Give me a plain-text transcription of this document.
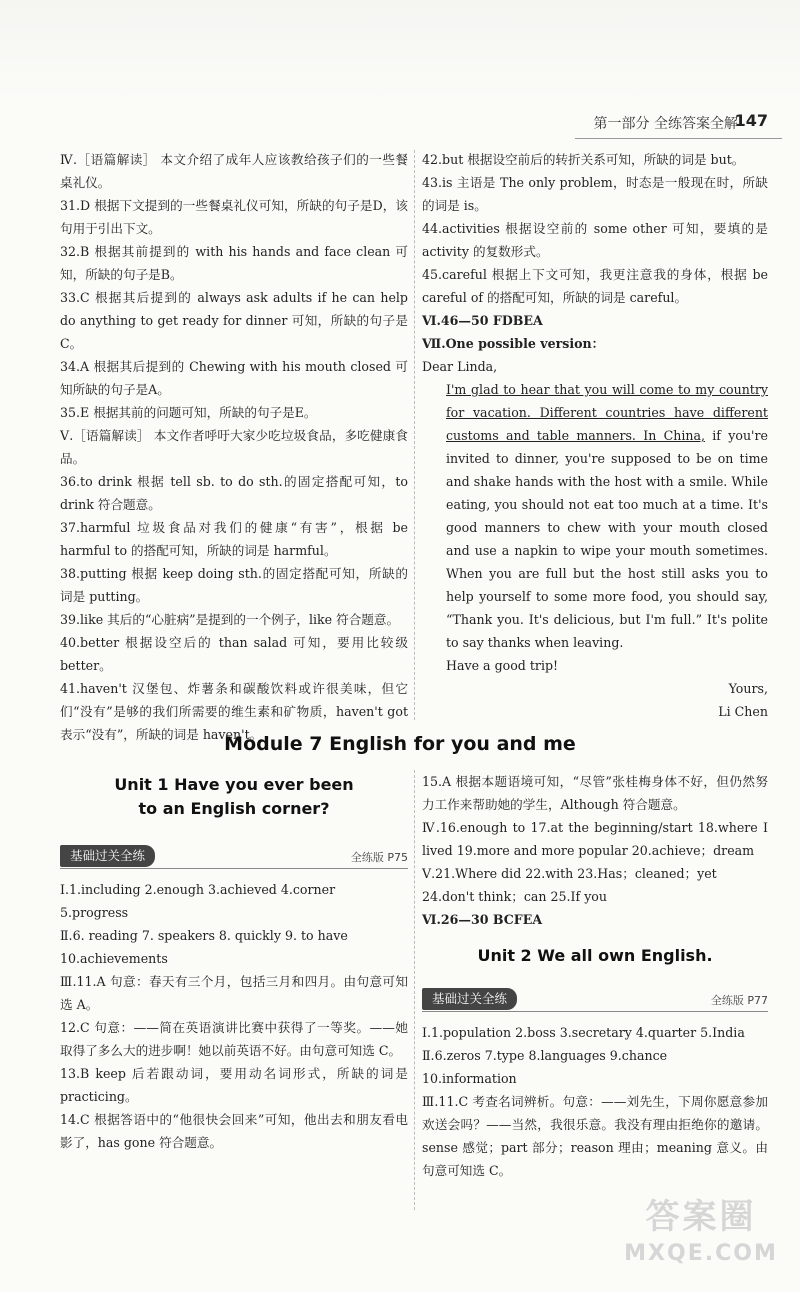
第一部分 全练答案全解
147

Ⅳ.［语篇解读］ 本文介绍了成年人应该教给孩子们的一些餐桌礼仪。

31.D 根据下文提到的一些餐桌礼仪可知，所缺的句子是D，该句用于引出下文。

32.B 根据其前提到的 with his hands and face clean 可知，所缺的句子是B。

33.C 根据其后提到的 always ask adults if he can help do anything to get ready for dinner 可知，所缺的句子是C。

34.A 根据其后提到的 Chewing with his mouth closed 可知所缺的句子是A。

35.E 根据其前的问题可知，所缺的句子是E。

Ⅴ.［语篇解读］ 本文作者呼吁大家少吃垃圾食品，多吃健康食品。

36.to drink 根据 tell sb. to do sth.的固定搭配可知，to drink 符合题意。

37.harmful 垃圾食品对我们的健康“有害”，根据 be harmful to 的搭配可知，所缺的词是 harmful。

38.putting 根据 keep doing sth.的固定搭配可知，所缺的词是 putting。

39.like 其后的“心脏病”是提到的一个例子，like 符合题意。

40.better 根据设空后的 than salad 可知，要用比较级 better。

41.haven't 汉堡包、炸薯条和碳酸饮料或许很美味，但它们“没有”是够的我们所需要的维生素和矿物质，haven't got 表示“没有”，所缺的词是 haven't。

42.but 根据设空前后的转折关系可知，所缺的词是 but。

43.is 主语是 The only problem，时态是一般现在时，所缺的词是 is。

44.activities 根据设空前的 some other 可知，要填的是 activity 的复数形式。

45.careful 根据上下文可知，我更注意我的身体，根据 be careful of 的搭配可知，所缺的词是 careful。

Ⅵ.46—50 FDBEA

Ⅶ.One possible version：

Dear Linda,

I'm glad to hear that you will come to my country for vacation. Different countries have different customs and table manners. In China, if you're invited to dinner, you're supposed to be on time and shake hands with the host with a smile. While eating, you should not eat too much at a time. It's good manners to chew with your mouth closed and use a napkin to wipe your mouth sometimes. When you are full but the host still asks you to help yourself to some more food, you should say, “Thank you. It's delicious, but I'm full.” It's polite to say thanks when leaving.

Have a good trip!

Yours,

Li Chen

Module 7 English for you and me
Unit 1 Have you ever been
to an English corner?
基础过关全练	全练版 P75

Ⅰ.1.including 2.enough 3.achieved 4.corner

5.progress

Ⅱ.6. reading 7. speakers 8. quickly 9. to have

10.achievements

Ⅲ.11.A 句意：春天有三个月，包括三月和四月。由句意可知选 A。

12.C 句意：——简在英语演讲比赛中获得了一等奖。——她取得了多么大的进步啊！她以前英语不好。由句意可知选 C。

13.B keep 后若跟动词，要用动名词形式，所缺的词是 practicing。

14.C 根据答语中的“他很快会回来”可知，他出去和朋友看电影了，has gone 符合题意。

15.A 根据本题语境可知，“尽管”张桂梅身体不好，但仍然努力工作来帮助她的学生，Although 符合题意。

Ⅳ.16.enough to 17.at the beginning/start 18.where I lived 19.more and more popular 20.achieve；dream

Ⅴ.21.Where did 22.with 23.Has；cleaned；yet

24.don't think；can 25.If you

Ⅵ.26—30 BCFEA

Unit 2 We all own English.
基础过关全练	全练版 P77

Ⅰ.1.population 2.boss 3.secretary 4.quarter 5.India

Ⅱ.6.zeros 7.type 8.languages 9.chance

10.information

Ⅲ.11.C 考查名词辨析。句意：——刘先生，下周你愿意参加欢送会吗？——当然，我很乐意。我没有理由拒绝你的邀请。sense 感觉；part 部分；reason 理由；meaning 意义。由句意可知选 C。

答案圈
MXQE.COM
